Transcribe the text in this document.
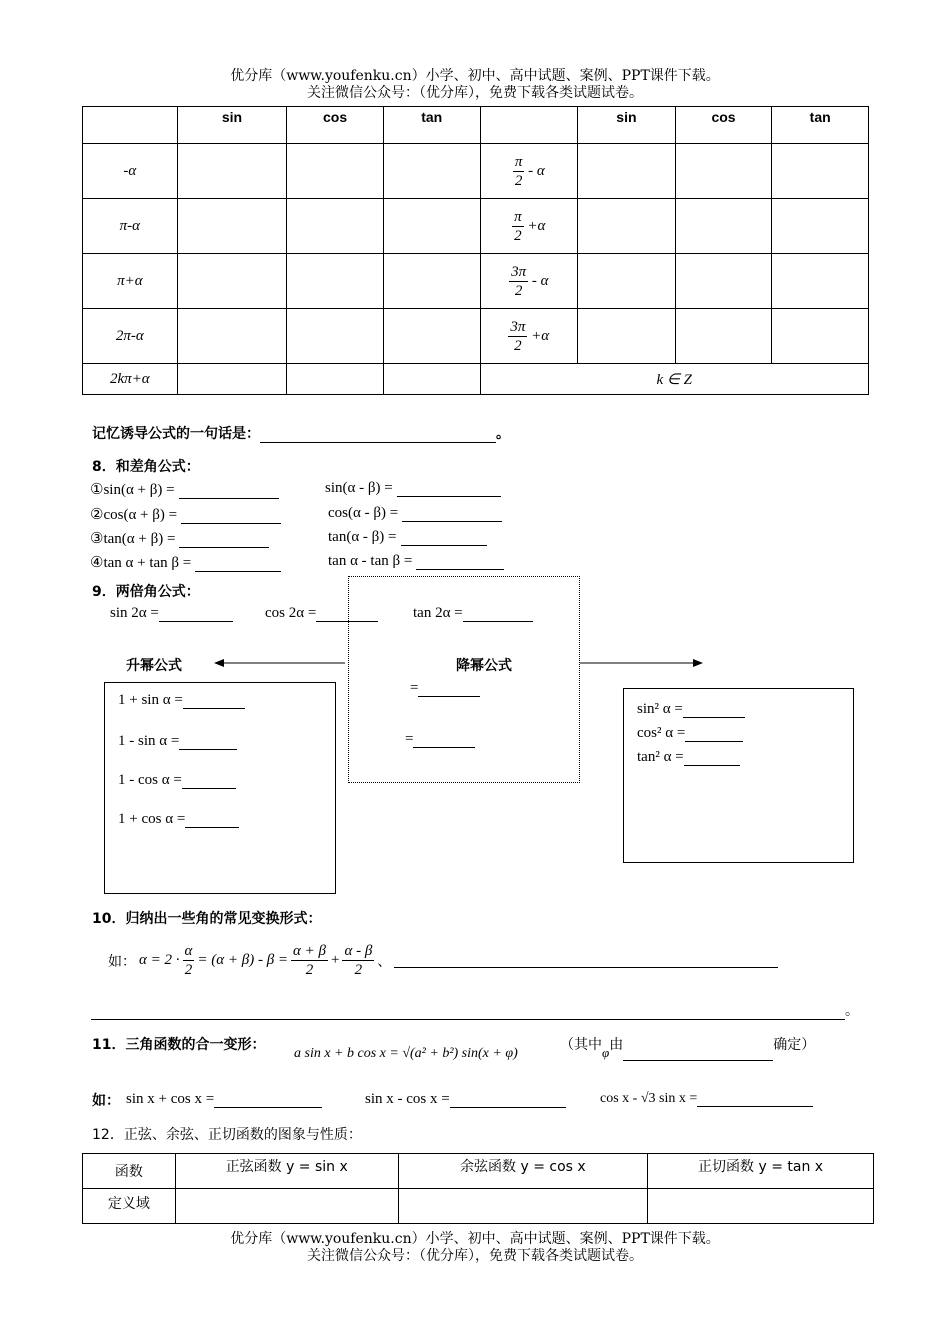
优分库（www.youfenku.cn）小学、初中、高中试题、案例、PPT课件下载。
关注微信公众号：（优分库），免费下载各类试题试卷。
	sin	cos	tan		sin	cos	tan
-α				$\frac{\pi}{2}$ - α			
π-α				$\frac{\pi}{2} +\alpha$			
π+α				$\frac{3\pi}{2}$ - α			
2π-α				$\frac{3\pi}{2} +\alpha$			
2kπ+α				k ∈ Z			
记忆诱导公式的一句话是：	。
8．和差角公式：
①sin(α + β) =	sin(α - β) =
②cos(α + β) =	cos(α - β) =
③tan(α + β) =	tan(α - β) =
④tan α + tan β =	tan α - tan β =
9．两倍角公式：
sin 2α =	cos 2α =	tan 2α =
升幂公式	降幂公式
=
=
1 + sin α =
1 - sin α =
1 - cos α =
1 + cos α =
sin² α =
cos² α =
tan² α =
10．归纳出一些角的常见变换形式：
如： $\alpha = 2 \cdot \frac{\alpha}{2} = (\alpha + \beta) - \beta = \frac{\alpha + \beta}{2} + \frac{\alpha - \beta}{2}$ 、
。
11．三角函数的合一变形：
a sin x + b cos x = √(a² + b²) sin(x + φ)
（其中φ由	确定）
如： sin x + cos x =	sin x - cos x =	cos x - √3 sin x =
12．正弦、余弦、正切函数的图象与性质：
函数	正弦函数 y = sin x	余弦函数 y = cos x	正切函数 y = tan x
定义域			
优分库（www.youfenku.cn）小学、初中、高中试题、案例、PPT课件下载。
关注微信公众号：（优分库），免费下载各类试题试卷。
